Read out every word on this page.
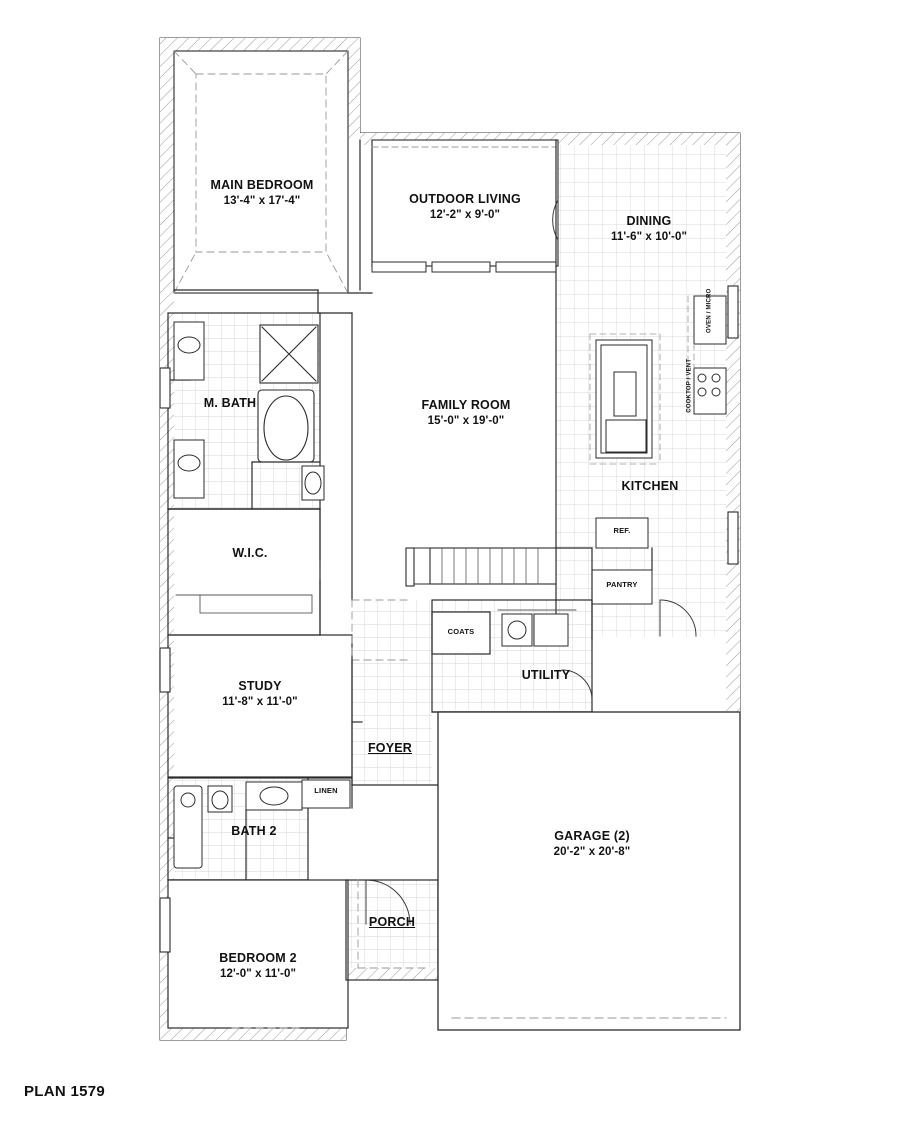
MAIN BEDROOM
13'-4" x 17'-4"	OUTDOOR LIVING
12'-2" x 9'-0"	DINING
11'-6" x 10'-0"
FAMILY ROOM
15'-0" x 19'-0"
KITCHEN
M. BATH
W.I.C.
STUDY
11'-8" x 11'-0"
UTILITY
FOYER
BATH 2
BEDROOM 2
12'-0" x 11'-0"
GARAGE (2)
20'-2" x 20'-8"
PORCH
OVEN / MICRO
COOKTOP / VENT
REF.
PANTRY
COATS
LINEN
PLAN 1579
